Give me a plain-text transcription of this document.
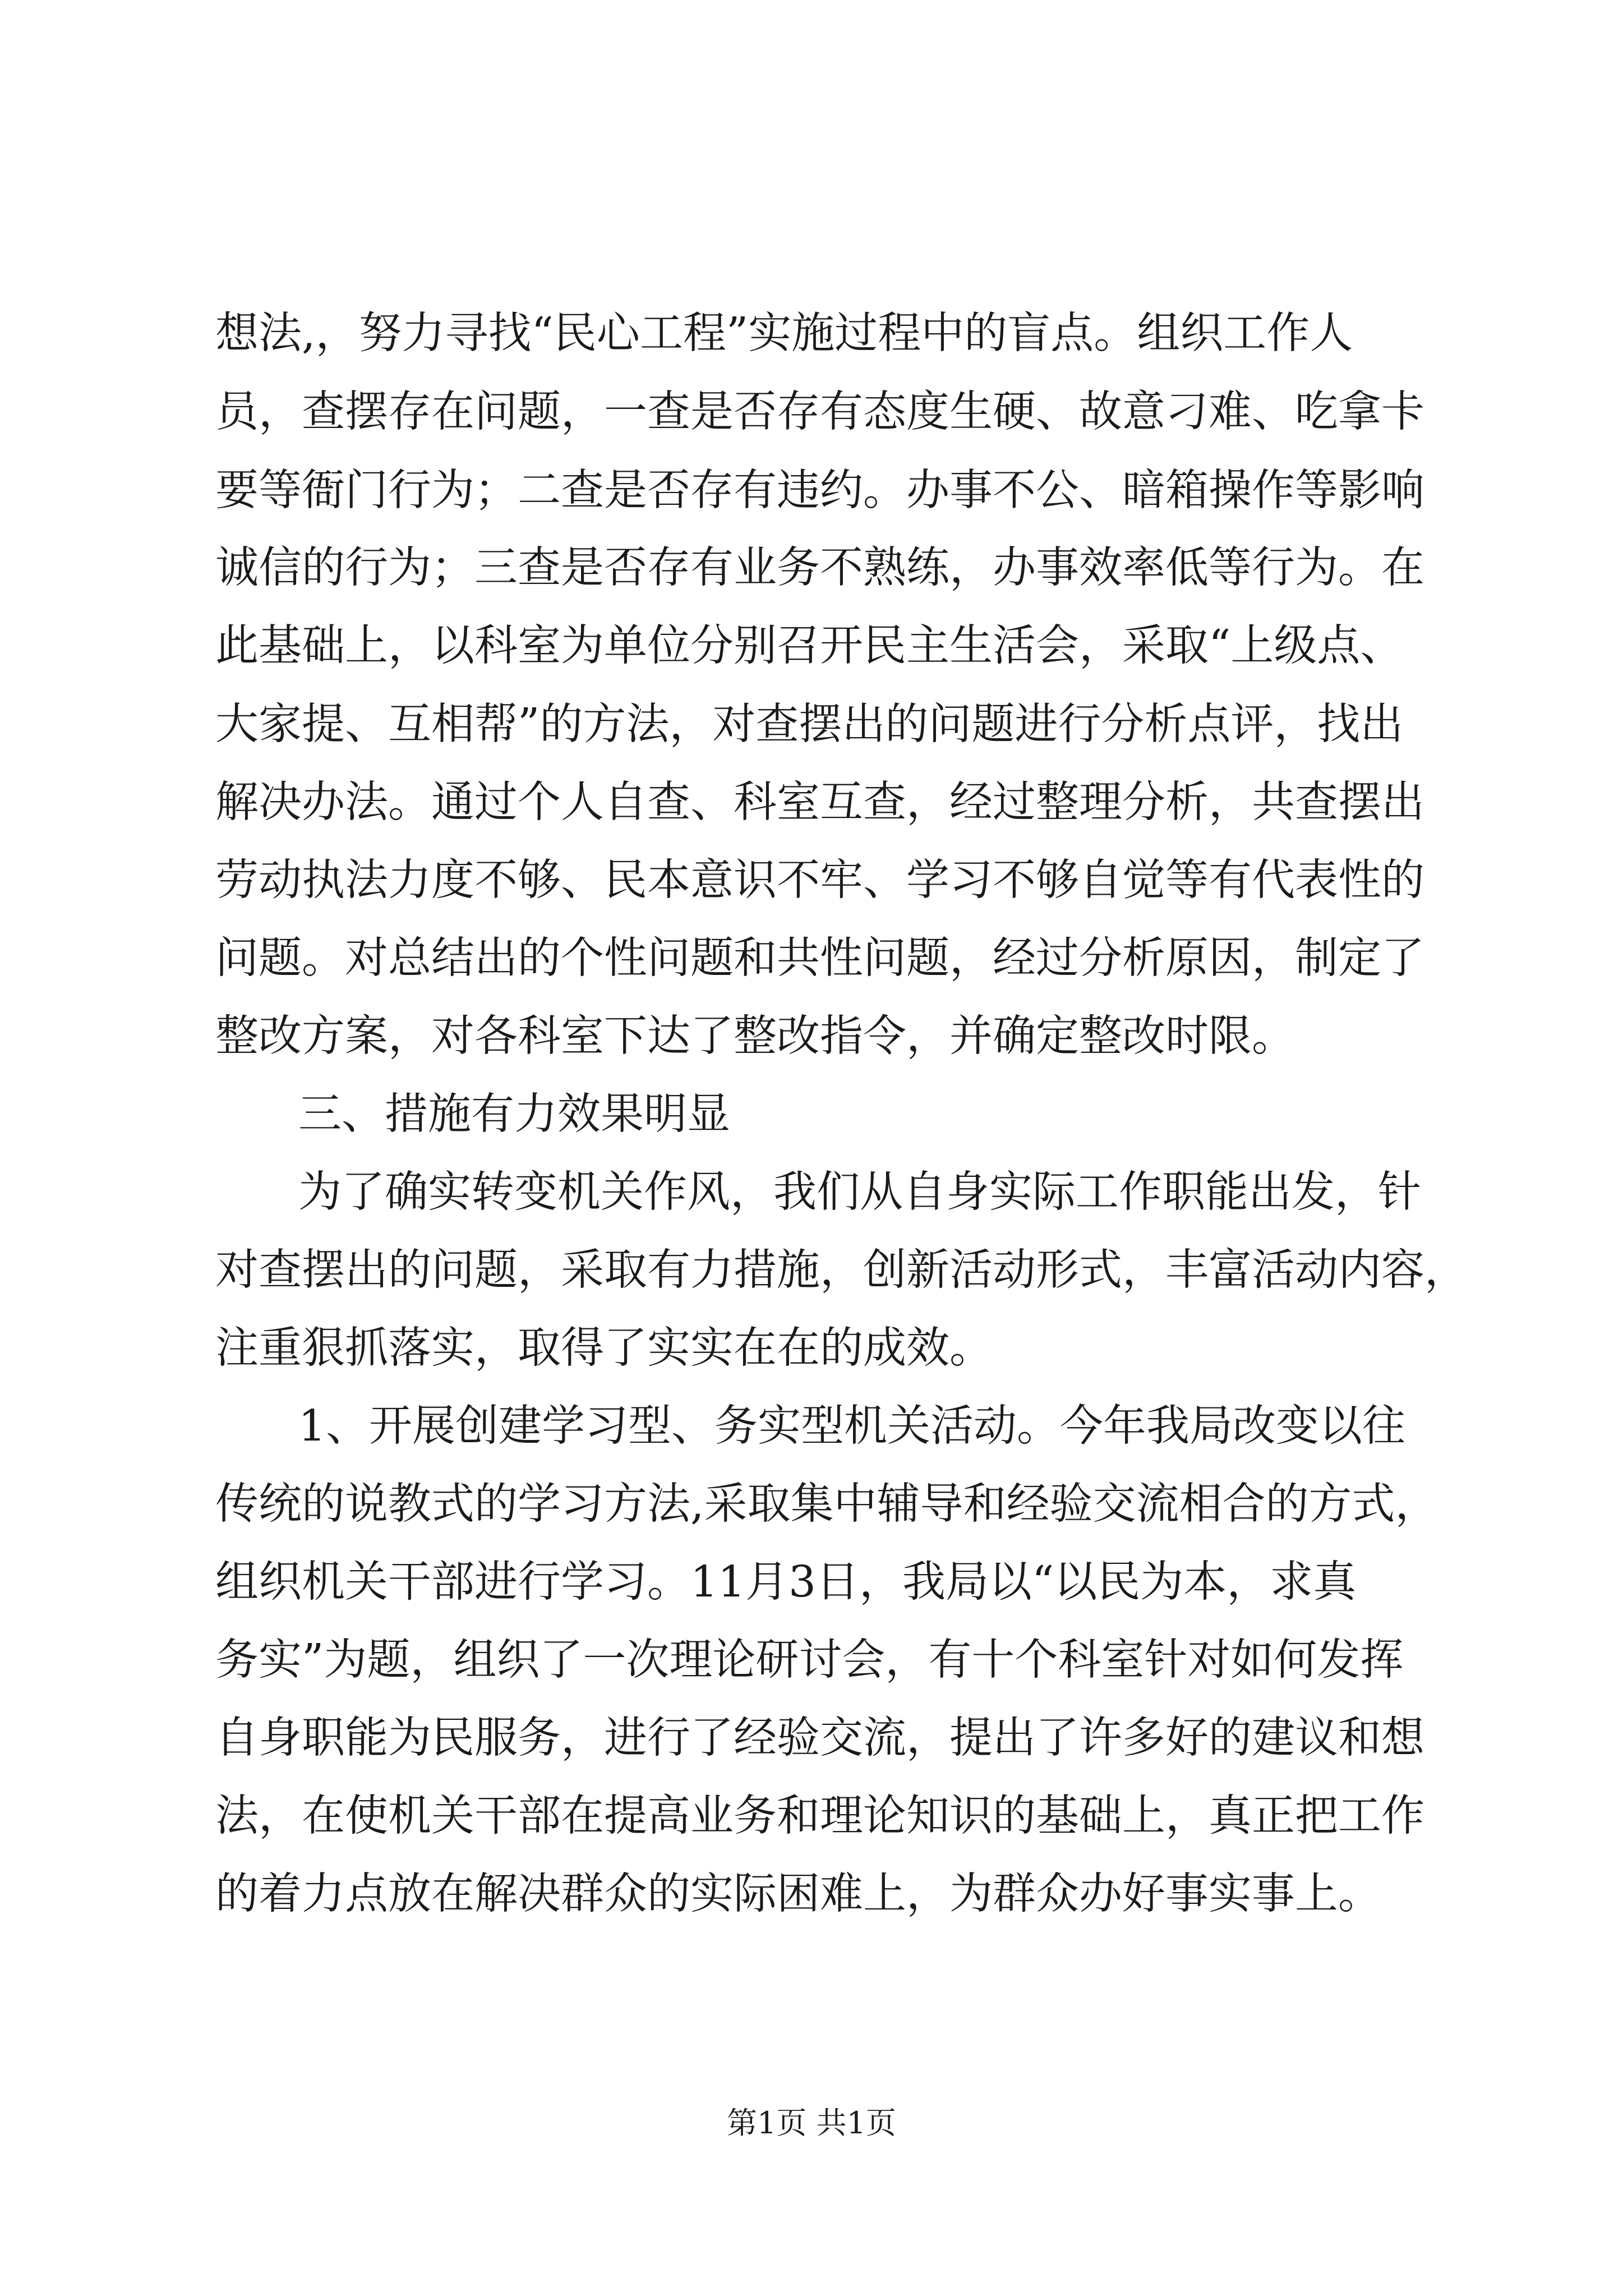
想法,，努力寻找“民心工程”实施过程中的盲点。组织工作人

员，查摆存在问题，一查是否存有态度生硬、故意刁难、吃拿卡

要等衙门行为；二查是否存有违约。办事不公、暗箱操作等影响

诚信的行为；三查是否存有业务不熟练，办事效率低等行为。在

此基础上，以科室为单位分别召开民主生活会，采取“上级点、

大家提、互相帮”的方法，对查摆出的问题进行分析点评，找出

解决办法。通过个人自查、科室互查，经过整理分析，共查摆出

劳动执法力度不够、民本意识不牢、学习不够自觉等有代表性的

问题。对总结出的个性问题和共性问题，经过分析原因，制定了

整改方案，对各科室下达了整改指令，并确定整改时限。

三、措施有力效果明显

为了确实转变机关作风，我们从自身实际工作职能出发，针

对查摆出的问题，采取有力措施，创新活动形式，丰富活动内容，

注重狠抓落实，取得了实实在在的成效。

1、开展创建学习型、务实型机关活动。今年我局改变以往

传统的说教式的学习方法,采取集中辅导和经验交流相合的方式，

组织机关干部进行学习。11月3日，我局以“以民为本，求真

务实”为题，组织了一次理论研讨会，有十个科室针对如何发挥

自身职能为民服务，进行了经验交流，提出了许多好的建议和想

法，在使机关干部在提高业务和理论知识的基础上，真正把工作

的着力点放在解决群众的实际困难上，为群众办好事实事上。

第1页 共1页
